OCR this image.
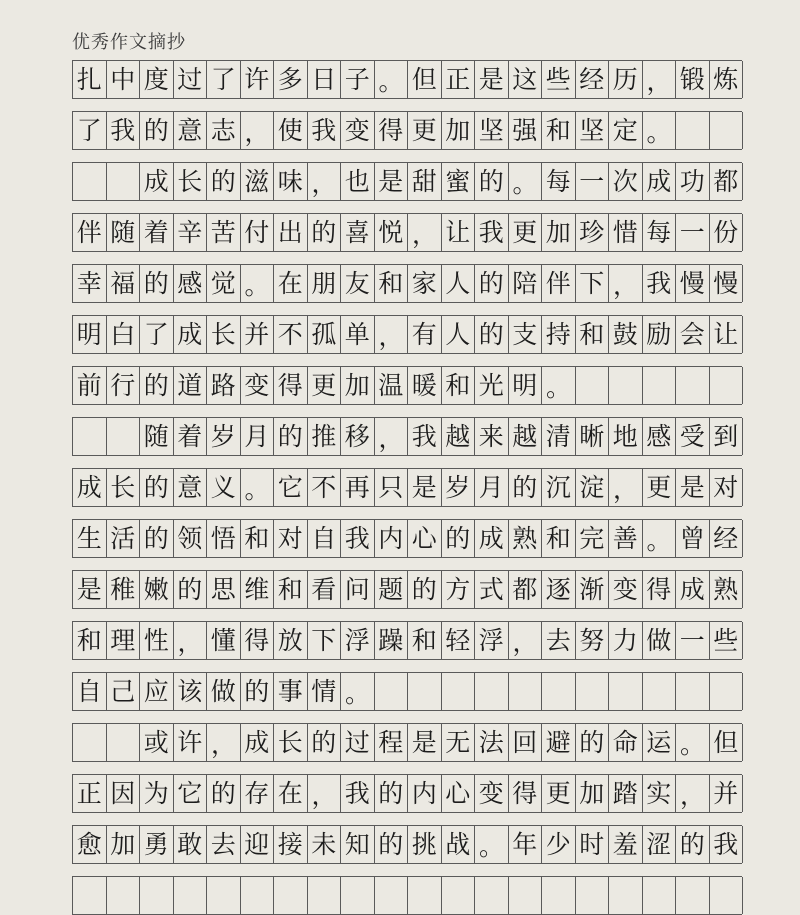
优秀作文摘抄
扎 中 度 过 了 许 多 日 子 。 但 正 是 这 些 经 历 ， 锻 炼
了 我 的 意 志 ， 使 我 变 得 更 加 坚 强 和 坚 定 。
成 长 的 滋 味 ， 也 是 甜 蜜 的 。 每 一 次 成 功 都
伴 随 着 辛 苦 付 出 的 喜 悦 ， 让 我 更 加 珍 惜 每 一 份
幸 福 的 感 觉 。 在 朋 友 和 家 人 的 陪 伴 下 ， 我 慢 慢
明 白 了 成 长 并 不 孤 单 ， 有 人 的 支 持 和 鼓 励 会 让
前 行 的 道 路 变 得 更 加 温 暖 和 光 明 。
随 着 岁 月 的 推 移 ， 我 越 来 越 清 晰 地 感 受 到
成 长 的 意 义 。 它 不 再 只 是 岁 月 的 沉 淀 ， 更 是 对
生 活 的 领 悟 和 对 自 我 内 心 的 成 熟 和 完 善 。 曾 经
是 稚 嫩 的 思 维 和 看 问 题 的 方 式 都 逐 渐 变 得 成 熟
和 理 性 ， 懂 得 放 下 浮 躁 和 轻 浮 ， 去 努 力 做 一 些
自 己 应 该 做 的 事 情 。
或 许 ， 成 长 的 过 程 是 无 法 回 避 的 命 运 。 但
正 因 为 它 的 存 在 ， 我 的 内 心 变 得 更 加 踏 实 ， 并
愈 加 勇 敢 去 迎 接 未 知 的 挑 战 。 年 少 时 羞 涩 的 我
